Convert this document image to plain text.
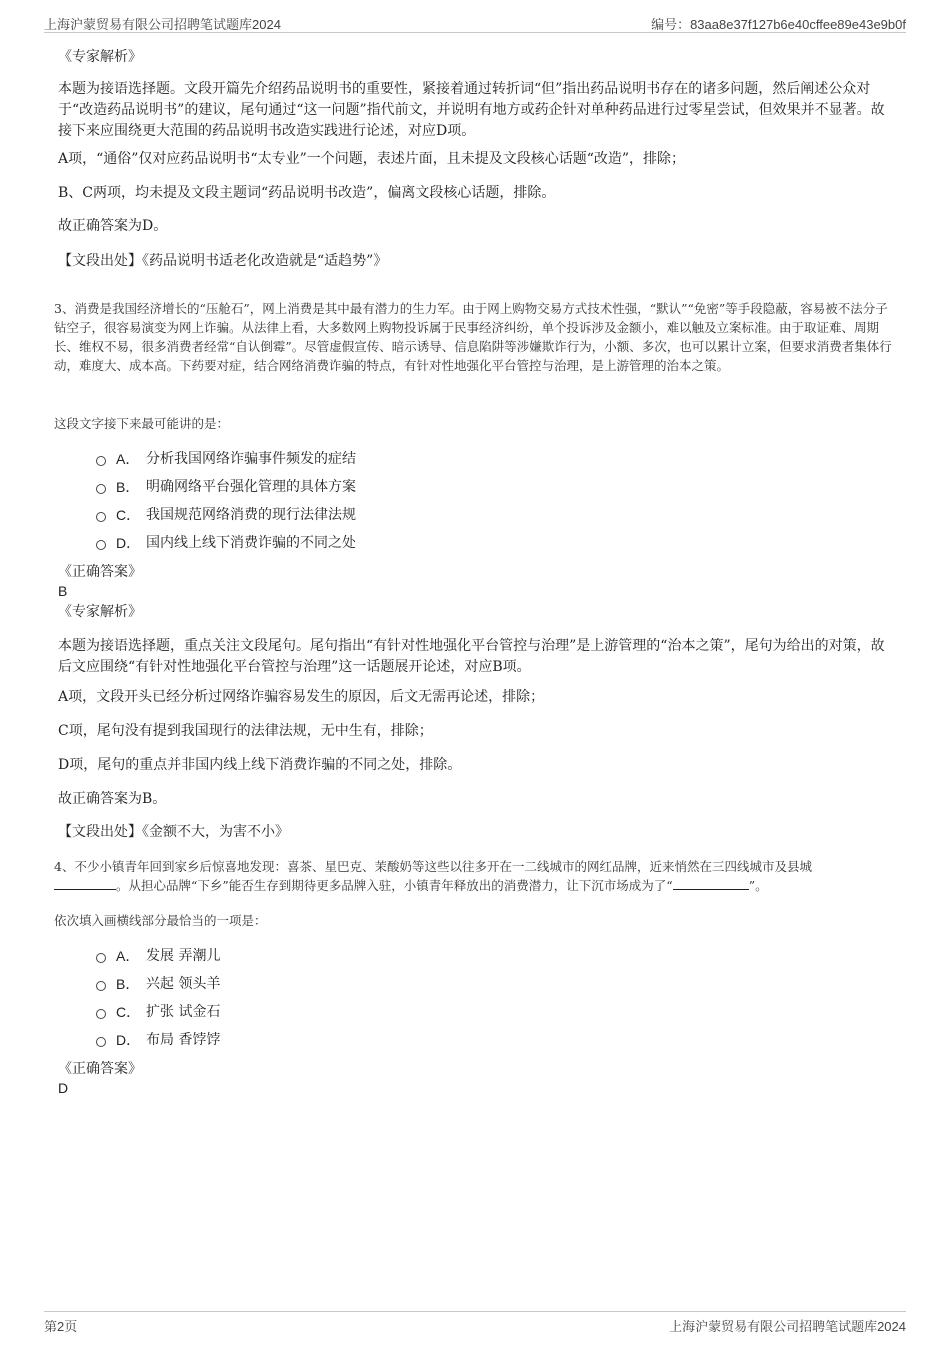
上海沪蒙贸易有限公司招聘笔试题库2024	编号：83aa8e37f127b6e40cffee89e43e9b0f
《专家解析》
本题为接语选择题。文段开篇先介绍药品说明书的重要性，紧接着通过转折词“但”指出药品说明书存在的诸多问题，然后阐述公众对于“改造药品说明书”的建议，尾句通过“这一问题”指代前文，并说明有地方或药企针对单种药品进行过零星尝试，但效果并不显著。故接下来应围绕更大范围的药品说明书改造实践进行论述，对应D项。
A项，“通俗”仅对应药品说明书“太专业”一个问题，表述片面，且未提及文段核心话题“改造”，排除；
B、C两项，均未提及文段主题词“药品说明书改造”，偏离文段核心话题，排除。
故正确答案为D。
【文段出处】《药品说明书适老化改造就是“适趋势”》
3、消费是我国经济增长的“压舱石”，网上消费是其中最有潜力的生力军。由于网上购物交易方式技术性强，“默认”“免密”等手段隐蔽，容易被不法分子钻空子，很容易演变为网上诈骗。从法律上看，大多数网上购物投诉属于民事经济纠纷，单个投诉涉及金额小，难以触及立案标准。由于取证难、周期长、维权不易，很多消费者经常“自认倒霉”。尽管虚假宣传、暗示诱导、信息陷阱等涉嫌欺诈行为，小额、多次，也可以累计立案，但要求消费者集体行动，难度大、成本高。下药要对症，结合网络消费诈骗的特点，有针对性地强化平台管控与治理，是上游管理的治本之策。
这段文字接下来最可能讲的是：
A． 分析我国网络诈骗事件频发的症结
B． 明确网络平台强化管理的具体方案
C． 我国规范网络消费的现行法律法规
D． 国内线上线下消费诈骗的不同之处
《正确答案》
B
《专家解析》
本题为接语选择题，重点关注文段尾句。尾句指出“有针对性地强化平台管控与治理”是上游管理的“治本之策”，尾句为给出的对策，故后文应围绕“有针对性地强化平台管控与治理”这一话题展开论述，对应B项。
A项，文段开头已经分析过网络诈骗容易发生的原因，后文无需再论述，排除；
C项，尾句没有提到我国现行的法律法规，无中生有，排除；
D项，尾句的重点并非国内线上线下消费诈骗的不同之处，排除。
故正确答案为B。
【文段出处】《金额不大，为害不小》
4、不少小镇青年回到家乡后惊喜地发现：喜茶、星巴克、茉酸奶等这些以往多开在一二线城市的网红品牌，近来悄然在三四线城市及县城
。从担心品牌“下乡”能否生存到期待更多品牌入驻，小镇青年释放出的消费潜力，让下沉市场成为了“	”。
依次填入画横线部分最恰当的一项是：
A． 发展 弄潮儿
B． 兴起 领头羊
C． 扩张 试金石
D． 布局 香饽饽
《正确答案》
D
第2页	上海沪蒙贸易有限公司招聘笔试题库2024
